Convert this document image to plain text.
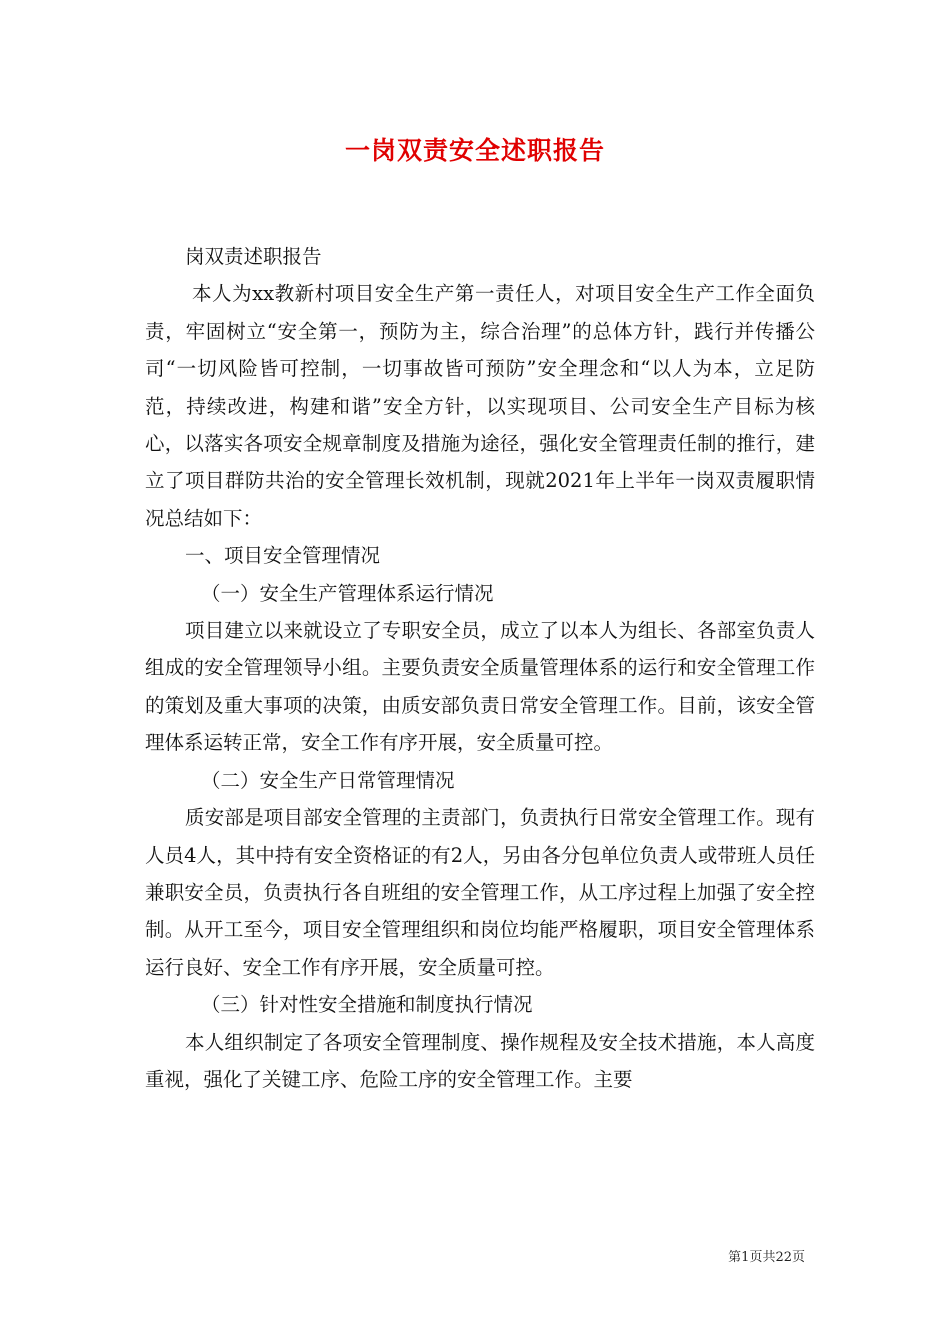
一岗双责安全述职报告

岗双责述职报告

本人为xx教新村项目安全生产第一责任人，对项目安全生产工作全面负责，牢固树立“安全第一，预防为主，综合治理”的总体方针，践行并传播公司“一切风险皆可控制，一切事故皆可预防”安全理念和“以人为本，立足防范，持续改进，构建和谐”安全方针，以实现项目、公司安全生产目标为核心，以落实各项安全规章制度及措施为途径，强化安全管理责任制的推行，建立了项目群防共治的安全管理长效机制，现就2021年上半年一岗双责履职情况总结如下：

一、项目安全管理情况

（一）安全生产管理体系运行情况

项目建立以来就设立了专职安全员，成立了以本人为组长、各部室负责人组成的安全管理领导小组。主要负责安全质量管理体系的运行和安全管理工作的策划及重大事项的决策，由质安部负责日常安全管理工作。目前，该安全管理体系运转正常，安全工作有序开展，安全质量可控。

（二）安全生产日常管理情况

质安部是项目部安全管理的主责部门，负责执行日常安全管理工作。现有人员4人，其中持有安全资格证的有2人，另由各分包单位负责人或带班人员任兼职安全员，负责执行各自班组的安全管理工作，从工序过程上加强了安全控制。从开工至今，项目安全管理组织和岗位均能严格履职，项目安全管理体系运行良好、安全工作有序开展，安全质量可控。

（三）针对性安全措施和制度执行情况

本人组织制定了各项安全管理制度、操作规程及安全技术措施，本人高度重视，强化了关键工序、危险工序的安全管理工作。主要

第1页共22页
